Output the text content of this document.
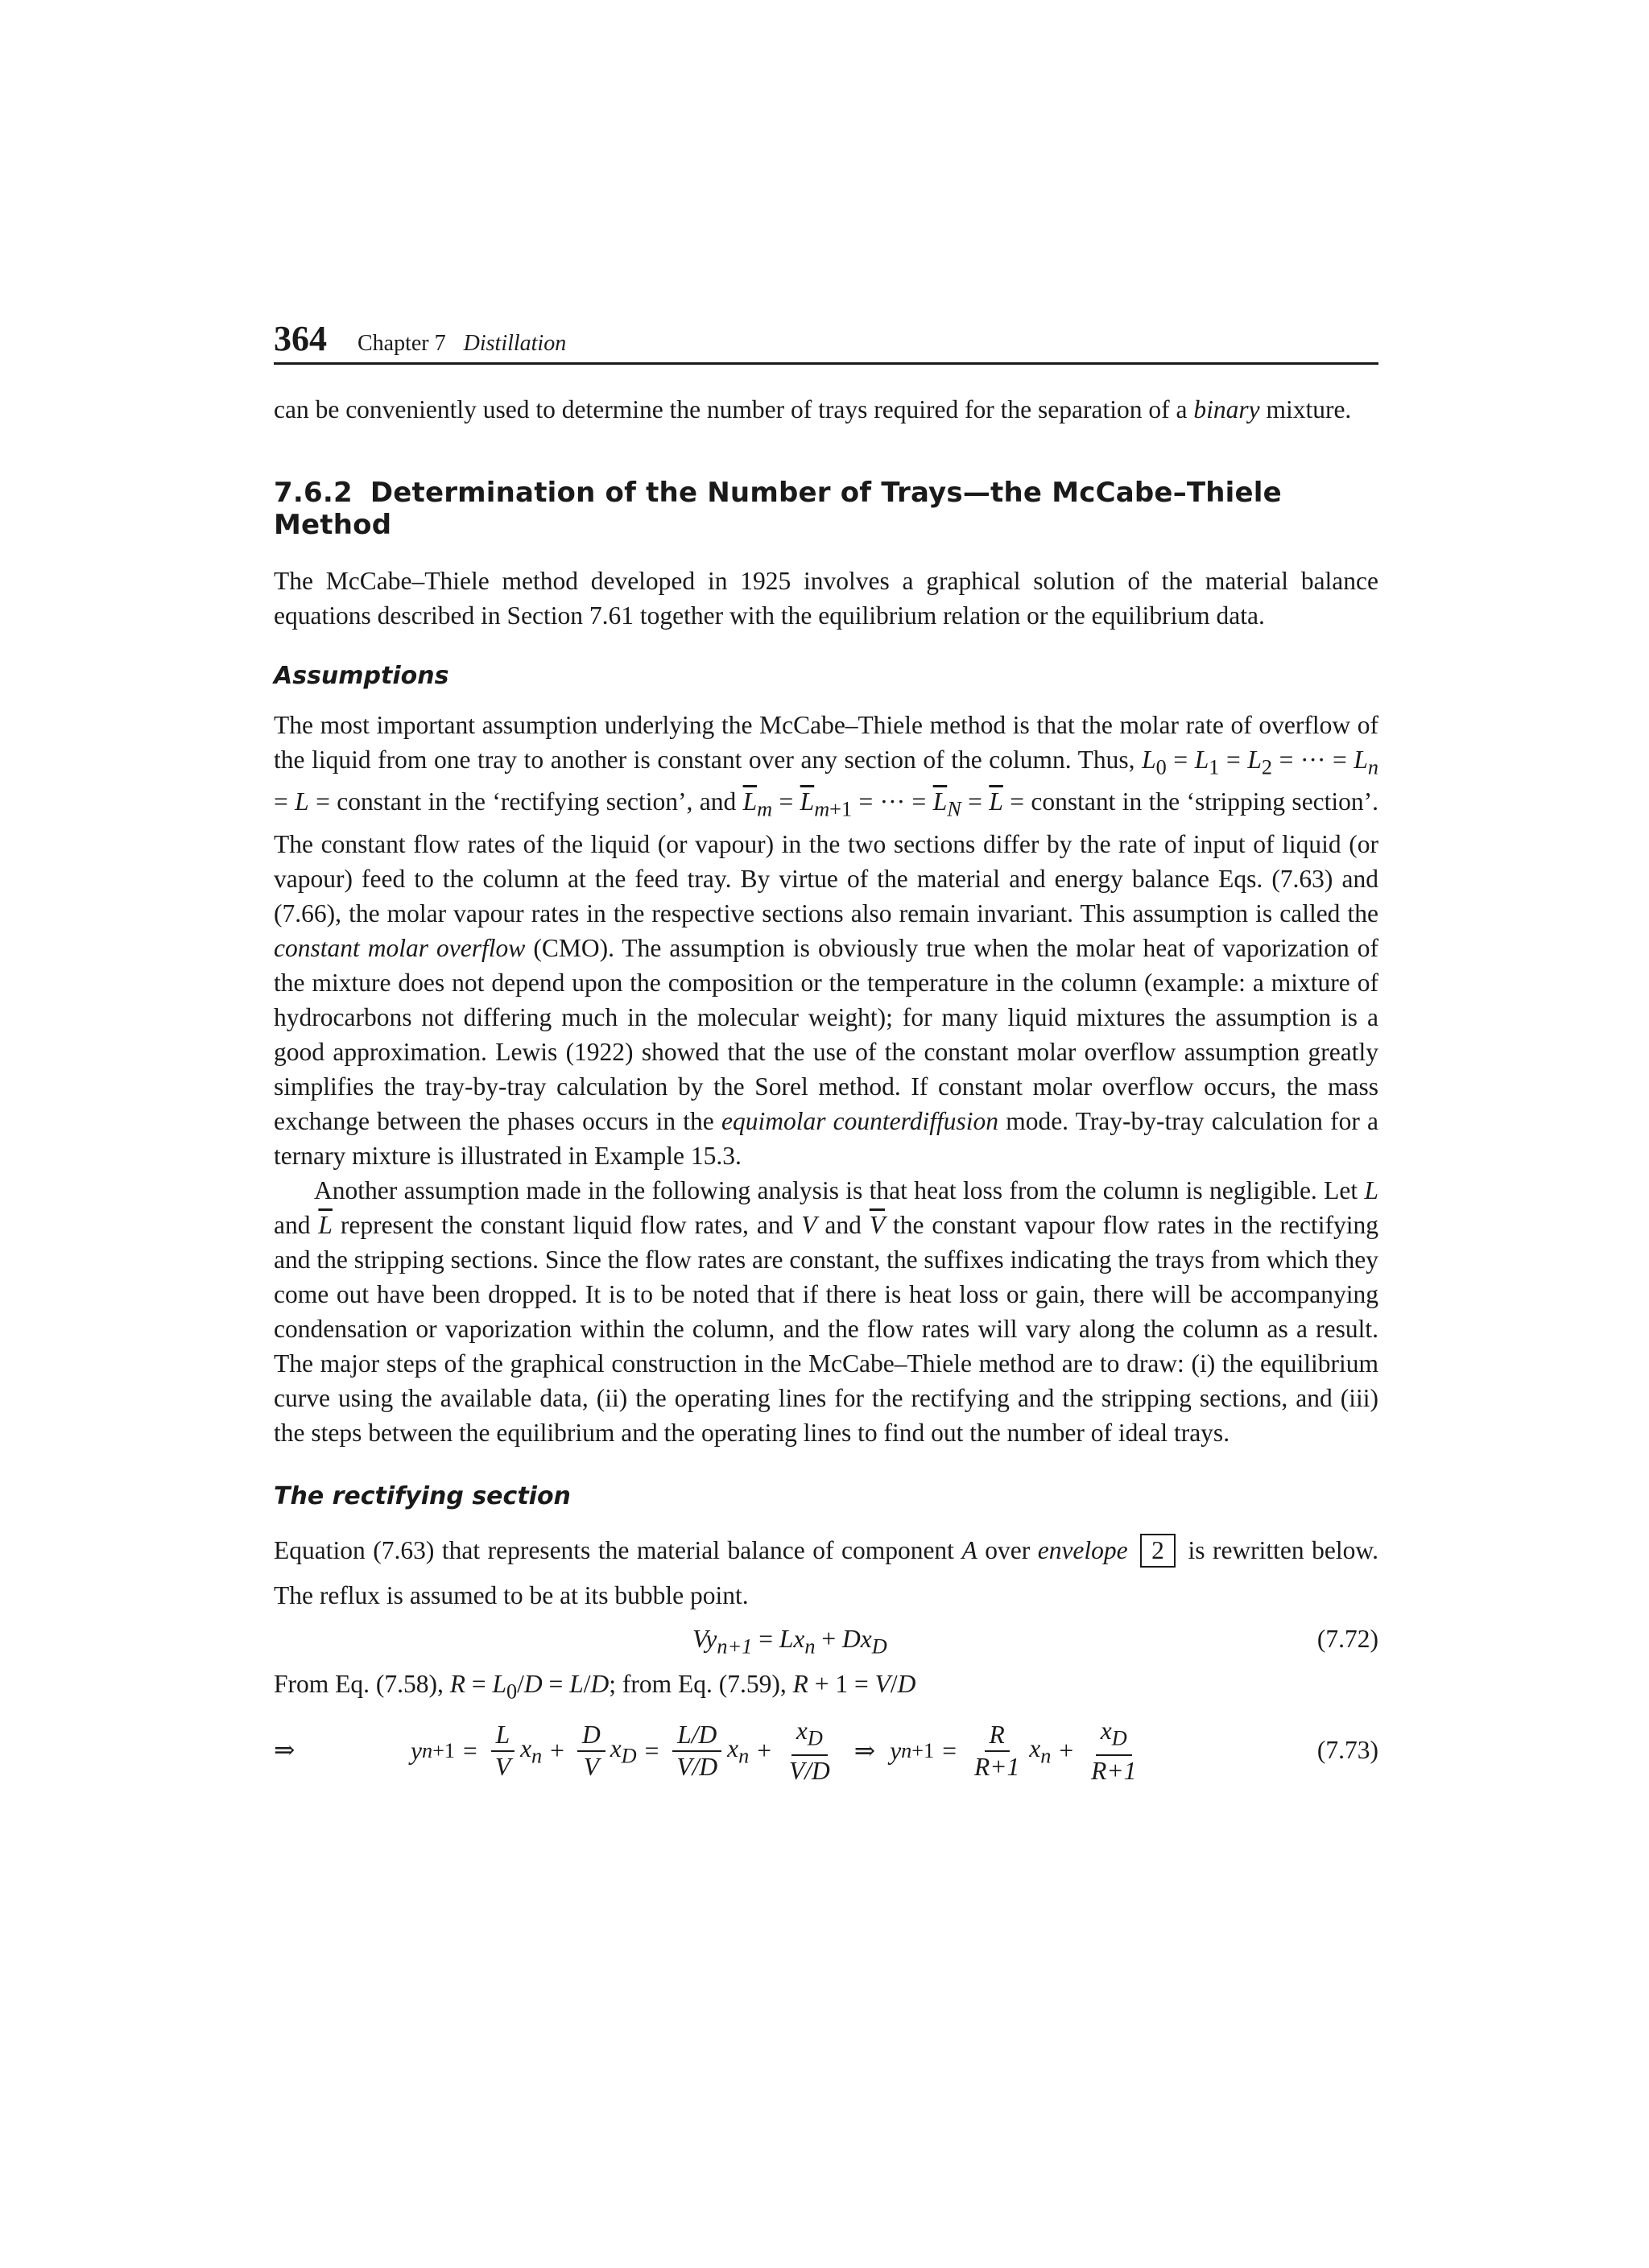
364 Chapter 7 Distillation

can be conveniently used to determine the number of trays required for the separation of a binary mixture.

7.6.2 Determination of the Number of Trays—the McCabe–Thiele Method

The McCabe–Thiele method developed in 1925 involves a graphical solution of the material balance equations described in Section 7.61 together with the equilibrium relation or the equilibrium data.

Assumptions

The most important assumption underlying the McCabe–Thiele method is that the molar rate of overflow of the liquid from one tray to another is constant over any section of the column. Thus, $L_0 = L_1 = L_2$ = ··· = $L_n = L$ = constant in the ‘rectifying section’, and $\overline{L}_m = \overline{L}_{m+1}$ = ··· = $\overline{L}_N = \overline{L}$ = constant in the ‘stripping section’. The constant flow rates of the liquid (or vapour) in the two sections differ by the rate of input of liquid (or vapour) feed to the column at the feed tray. By virtue of the material and energy balance Eqs. (7.63) and (7.66), the molar vapour rates in the respective sections also remain invariant. This assumption is called the constant molar overflow (CMO). The assumption is obviously true when the molar heat of vaporization of the mixture does not depend upon the composition or the temperature in the column (example: a mixture of hydrocarbons not differing much in the molecular weight); for many liquid mixtures the assumption is a good approximation. Lewis (1922) showed that the use of the constant molar overflow assumption greatly simplifies the tray-by-tray calculation by the Sorel method. If constant molar overflow occurs, the mass exchange between the phases occurs in the equimolar counterdiffusion mode. Tray-by-tray calculation for a ternary mixture is illustrated in Example 15.3.

Another assumption made in the following analysis is that heat loss from the column is negligible. Let L and $\overline{L}$ represent the constant liquid flow rates, and V and $\overline{V}$ the constant vapour flow rates in the rectifying and the stripping sections. Since the flow rates are constant, the suffixes indicating the trays from which they come out have been dropped. It is to be noted that if there is heat loss or gain, there will be accompanying condensation or vaporization within the column, and the flow rates will vary along the column as a result. The major steps of the graphical construction in the McCabe–Thiele method are to draw: (i) the equilibrium curve using the available data, (ii) the operating lines for the rectifying and the stripping sections, and (iii) the steps between the equilibrium and the operating lines to find out the number of ideal trays.

The rectifying section

Equation (7.63) that represents the material balance of component A over envelope 2 is rewritten below. The reflux is assumed to be at its bubble point.

$Vy_{n+1} = Lx_n + Dx_D$	(7.72)

From Eq. (7.58), $R = L_0/D = L/D$; from Eq. (7.59), R + 1 = V/D

⇒	y $n+1 = \frac{L}{V} x_n + \frac{D}{V} x_D = \frac{L/D}{V/D} x_n + \frac{x_D}{V/D}$ ⇒ y $n+1 = \frac{R}{R+1} x_n + \frac{x_D}{R+1}$	(7.73)
